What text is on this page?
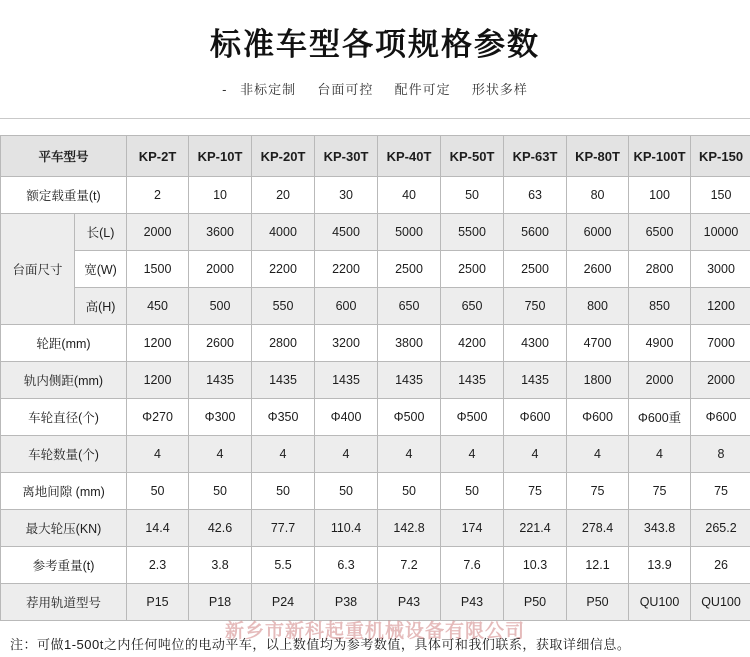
标准车型各项规格参数
- 非标定制 台面可控 配件可定 形状多样
平车型号		KP-2T	KP-10T	KP-20T	KP-30T	KP-40T	KP-50T	KP-63T	KP-80T	KP-100T	KP-150
额定载重量(t)		2	10	20	30	40	50	63	80	100	150
台面尺寸	长(L)	2000	3600	4000	4500	5000	5500	5600	6000	6500	10000
	宽(W)	1500	2000	2200	2200	2500	2500	2500	2600	2800	3000
	高(H)	450	500	550	600	650	650	750	800	850	1200
轮距(mm)		1200	2600	2800	3200	3800	4200	4300	4700	4900	7000
轨内侧距(mm)		1200	1435	1435	1435	1435	1435	1435	1800	2000	2000
车轮直径(个)		Φ270	Φ300	Φ350	Φ400	Φ500	Φ500	Φ600	Φ600	Φ600重	Φ600
车轮数量(个)		4	4	4	4	4	4	4	4	4	8
离地间隙 (mm)		50	50	50	50	50	50	75	75	75	75
最大轮压(KN)		14.4	42.6	77.7	110.4	142.8	174	221.4	278.4	343.8	265.2
参考重量(t)		2.3	3.8	5.5	6.3	7.2	7.6	10.3	12.1	13.9	26
荐用轨道型号		P15	P18	P24	P38	P43	P43	P50	P50	QU100	QU100
注：可做1-500t之内任何吨位的电动平车，以上数值均为参考数值，具体可和我们联系，获取详细信息。
新乡市新科起重机械设备有限公司
